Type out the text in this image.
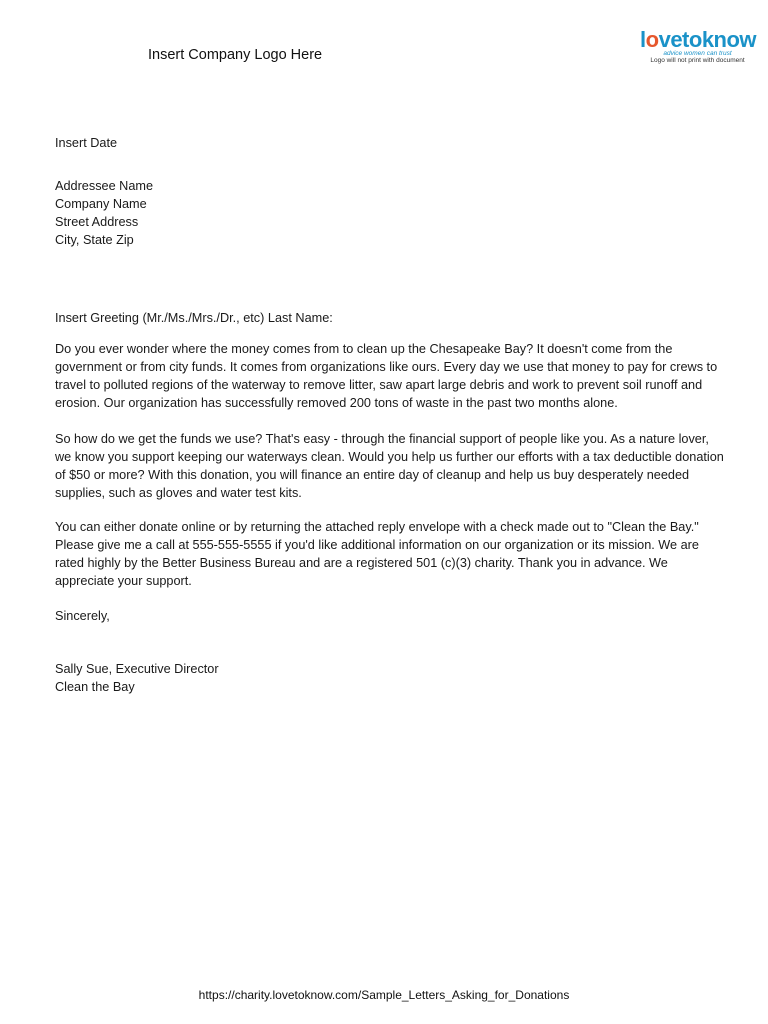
Insert Company Logo Here
lovetoknow
advice women can trust
Logo will not print with document
Insert Date
Addressee Name
Company Name
Street Address
City, State Zip
Insert Greeting (Mr./Ms./Mrs./Dr., etc) Last Name:

Do you ever wonder where the money comes from to clean up the Chesapeake Bay? It doesn't come from the government or from city funds. It comes from organizations like ours. Every day we use that money to pay for crews to travel to polluted regions of the waterway to remove litter, saw apart large debris and work to prevent soil runoff and erosion. Our organization has successfully removed 200 tons of waste in the past two months alone.

So how do we get the funds we use? That's easy - through the financial support of people like you. As a nature lover, we know you support keeping our waterways clean. Would you help us further our efforts with a tax deductible donation of $50 or more? With this donation, you will finance an entire day of cleanup and help us buy desperately needed supplies, such as gloves and water test kits.

You can either donate online or by returning the attached reply envelope with a check made out to "Clean the Bay." Please give me a call at 555-555-5555 if you'd like additional information on our organization or its mission. We are rated highly by the Better Business Bureau and are a registered 501 (c)(3) charity. Thank you in advance. We appreciate your support.

Sincerely,
Sally Sue, Executive Director
Clean the Bay
https://charity.lovetoknow.com/Sample_Letters_Asking_for_Donations
